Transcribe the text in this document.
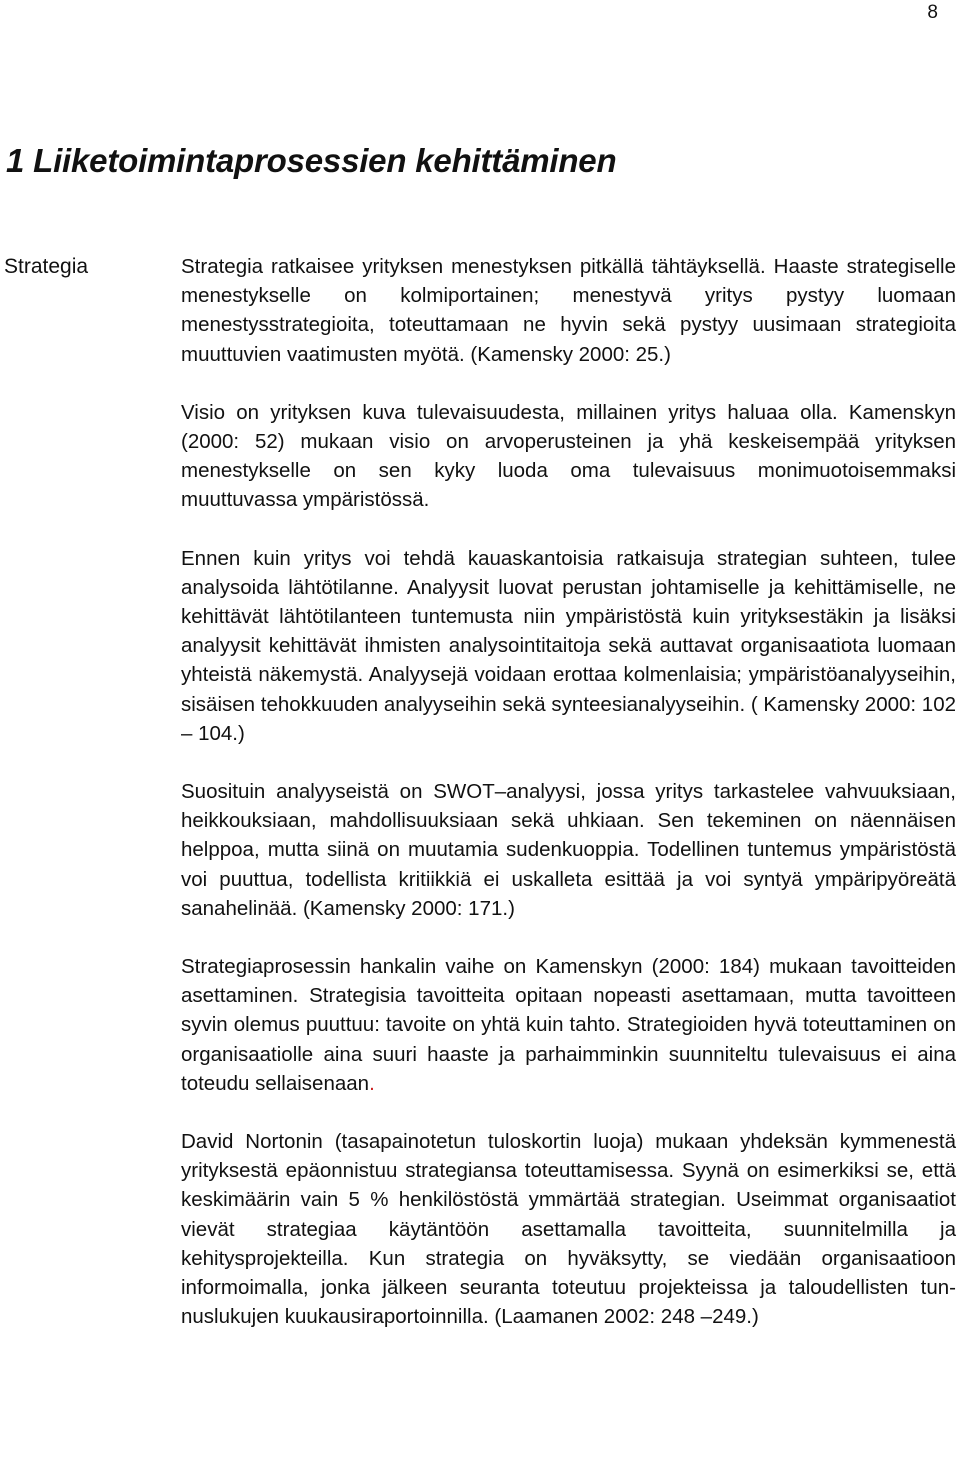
8
1 Liiketoimintaprosessien kehittäminen
Strategia	Strategia ratkaisee yrityksen menestyksen pitkällä tähtäyksellä. Haaste strategiselle menestykselle on kolmiportainen; menestyvä yritys pystyy luomaan menestysstrategioita, toteuttamaan ne hyvin sekä pystyy uusimaan strategioita muuttuvien vaatimusten myötä. (Kamensky 2000: 25.)

Visio on yrityksen kuva tulevaisuudesta, millainen yritys haluaa olla. Kamenskyn (2000: 52) mukaan visio on arvoperusteinen ja yhä keskeisempää yrityksen menestykselle on sen kyky luoda oma tulevaisuus monimuotoisemmaksi muuttuvassa ympäristössä.

Ennen kuin yritys voi tehdä kauaskantoisia ratkaisuja strategian suhteen, tulee analysoida lähtötilanne. Analyysit luovat perustan johtamiselle ja kehittämiselle, ne kehittävät lähtötilanteen tuntemusta niin ympäristöstä kuin yrityksestäkin ja lisäksi analyysit kehittävät ihmisten analysointitaitoja sekä auttavat organisaatiota luomaan yhteistä näkemystä. Analyysejä voidaan erottaa kolmenlaisia; ympäristöanalyyseihin, sisäisen tehokkuuden analyyseihin sekä synteesianalyyseihin. ( Kamensky 2000: 102 – 104.)

Suosituin analyyseistä on SWOT–analyysi, jossa yritys tarkastelee vahvuuksiaan, heikkouksiaan, mahdollisuuksiaan sekä uhkiaan. Sen tekeminen on näennäisen helppoa, mutta siinä on muutamia sudenkuoppia. Todellinen tuntemus ympäristöstä voi puuttua, todellista kritiikkiä ei uskalleta esittää ja voi syntyä ympäripyöreätä sanahelinää. (Kamensky 2000: 171.)

Strategiaprosessin hankalin vaihe on Kamenskyn (2000: 184) mukaan tavoitteiden asettaminen. Strategisia tavoitteita opitaan nopeasti asettamaan, mutta tavoitteen syvin olemus puuttuu: tavoite on yhtä kuin tahto. Strategioiden hyvä toteuttaminen on organisaatiolle aina suuri haaste ja parhaimminkin suunniteltu tulevaisuus ei aina toteudu sellaisenaan.

David Nortonin (tasapainotetun tuloskortin luoja) mukaan yhdeksän kymmenestä yrityksestä epäonnistuu strategiansa toteuttamisessa. Syynä on esimerkiksi se, että keskimäärin vain 5 % henkilöstöstä ymmärtää strategian. Useimmat organisaatiot vievät strategiaa käytäntöön asettamalla tavoitteita, suunnitelmilla ja kehitysprojekteilla. Kun strategia on hyväksytty, se viedään organisaatioon informoimalla, jonka jälkeen seuranta toteutuu projekteissa ja taloudellisten tunnuslukujen kuukausiraportoinnilla. (Laamanen 2002: 248 –249.)
